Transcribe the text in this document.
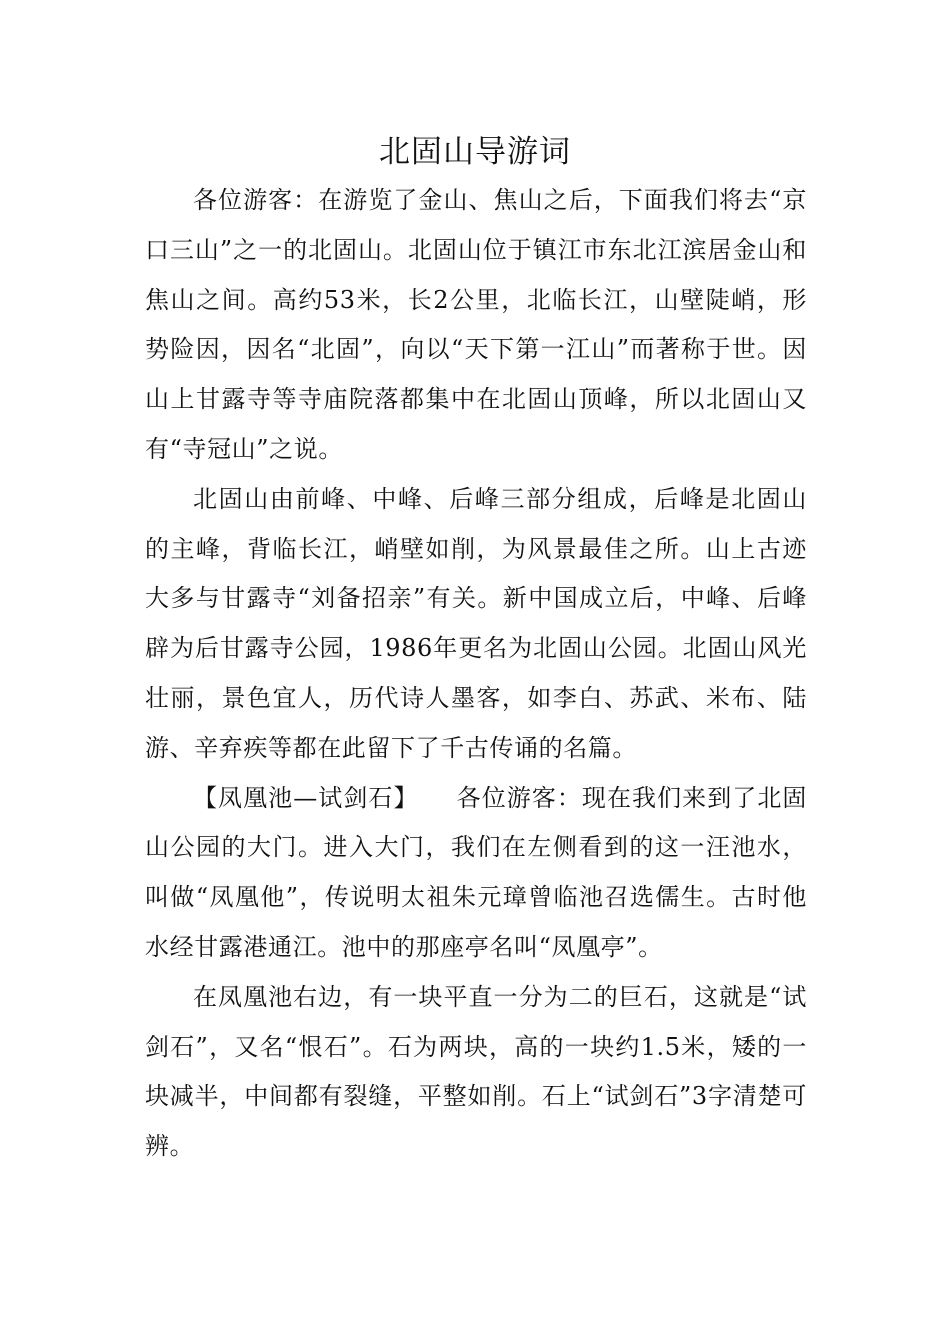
北固山导游词

各位游客：在游览了金山、焦山之后，下面我们将去“京口三山”之一的北固山。北固山位于镇江市东北江滨居金山和焦山之间。高约53米，长2公里，北临长江，山壁陡峭，形势险因，因名“北固”，向以“天下第一江山”而著称于世。因山上甘露寺等寺庙院落都集中在北固山顶峰，所以北固山又有“寺冠山”之说。

北固山由前峰、中峰、后峰三部分组成，后峰是北固山的主峰，背临长江，峭壁如削，为风景最佳之所。山上古迹大多与甘露寺“刘备招亲”有关。新中国成立后，中峰、后峰辟为后甘露寺公园，1986年更名为北固山公园。北固山风光壮丽，景色宜人，历代诗人墨客，如李白、苏武、米布、陆游、辛弃疾等都在此留下了千古传诵的名篇。

【凤凰池—试剑石】　　各位游客：现在我们来到了北固山公园的大门。进入大门，我们在左侧看到的这一汪池水，叫做“凤凰他”，传说明太祖朱元璋曾临池召选儒生。古时他水经甘露港通江。池中的那座亭名叫“凤凰亭”。

在凤凰池右边，有一块平直一分为二的巨石，这就是“试剑石”，又名“恨石”。石为两块，高的一块约1.5米，矮的一块减半，中间都有裂缝，平整如削。石上“试剑石”3字清楚可辨。
